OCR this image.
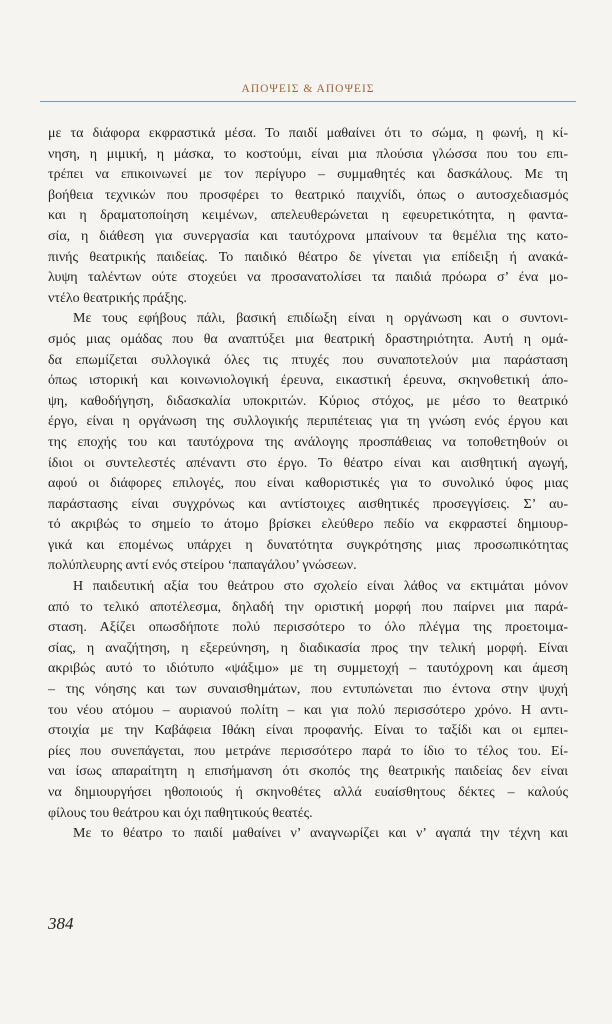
ΑΠΟΨΕΙΣ & ΑΠΟΨΕΙΣ
με τα διάφορα εκφραστικά μέσα. Το παιδί μαθαίνει ότι το σώμα, η φωνή, η κί-
νηση, η μιμική, η μάσκα, το κοστούμι, είναι μια πλούσια γλώσσα που του επι-
τρέπει να επικοινωνεί με τον περίγυρο – συμμαθητές και δασκάλους. Με τη
βοήθεια τεχνικών που προσφέρει το θεατρικό παιχνίδι, όπως ο αυτοσχεδιασμός
και η δραματοποίηση κειμένων, απελευθερώνεται η εφευρετικότητα, η φαντα-
σία, η διάθεση για συνεργασία και ταυτόχρονα μπαίνουν τα θεμέλια της κατο-
πινής θεατρικής παιδείας. Το παιδικό θέατρο δε γίνεται για επίδειξη ή ανακά-
λυψη ταλέντων ούτε στοχεύει να προσανατολίσει τα παιδιά πρόωρα σ’ ένα μο-
ντέλο θεατρικής πράξης.
Με τους εφήβους πάλι, βασική επιδίωξη είναι η οργάνωση και ο συντονι-
σμός μιας ομάδας που θα αναπτύξει μια θεατρική δραστηριότητα. Αυτή η ομά-
δα επωμίζεται συλλογικά όλες τις πτυχές που συναποτελούν μια παράσταση
όπως ιστορική και κοινωνιολογική έρευνα, εικαστική έρευνα, σκηνοθετική άπο-
ψη, καθοδήγηση, διδασκαλία υποκριτών. Κύριος στόχος, με μέσο το θεατρικό
έργο, είναι η οργάνωση της συλλογικής περιπέτειας για τη γνώση ενός έργου και
της εποχής του και ταυτόχρονα της ανάλογης προσπάθειας να τοποθετηθούν οι
ίδιοι οι συντελεστές απέναντι στο έργο. Το θέατρο είναι και αισθητική αγωγή,
αφού οι διάφορες επιλογές, που είναι καθοριστικές για το συνολικό ύφος μιας
παράστασης είναι συγχρόνως και αντίστοιχες αισθητικές προσεγγίσεις. Σ’ αυ-
τό ακριβώς το σημείο το άτομο βρίσκει ελεύθερο πεδίο να εκφραστεί δημιουρ-
γικά και επομένως υπάρχει η δυνατότητα συγκρότησης μιας προσωπικότητας
πολύπλευρης αντί ενός στείρου ‘παπαγάλου’ γνώσεων.
Η παιδευτική αξία του θεάτρου στο σχολείο είναι λάθος να εκτιμάται μόνον
από το τελικό αποτέλεσμα, δηλαδή την οριστική μορφή που παίρνει μια παρά-
σταση. Αξίζει οπωσδήποτε πολύ περισσότερο το όλο πλέγμα της προετοιμα-
σίας, η αναζήτηση, η εξερεύνηση, η διαδικασία προς την τελική μορφή. Είναι
ακριβώς αυτό το ιδιότυπο «ψάξιμο» με τη συμμετοχή – ταυτόχρονη και άμεση
– της νόησης και των συναισθημάτων, που εντυπώνεται πιο έντονα στην ψυχή
του νέου ατόμου – αυριανού πολίτη – και για πολύ περισσότερο χρόνο. Η αντι-
στοιχία με την Καβάφεια Ιθάκη είναι προφανής. Είναι το ταξίδι και οι εμπει-
ρίες που συνεπάγεται, που μετράνε περισσότερο παρά το ίδιο το τέλος του. Εί-
ναι ίσως απαραίτητη η επισήμανση ότι σκοπός της θεατρικής παιδείας δεν είναι
να δημιουργήσει ηθοποιούς ή σκηνοθέτες αλλά ευαίσθητους δέκτες – καλούς
φίλους του θεάτρου και όχι παθητικούς θεατές.
Με το θέατρο το παιδί μαθαίνει ν’ αναγνωρίζει και ν’ αγαπά την τέχνη και
384
